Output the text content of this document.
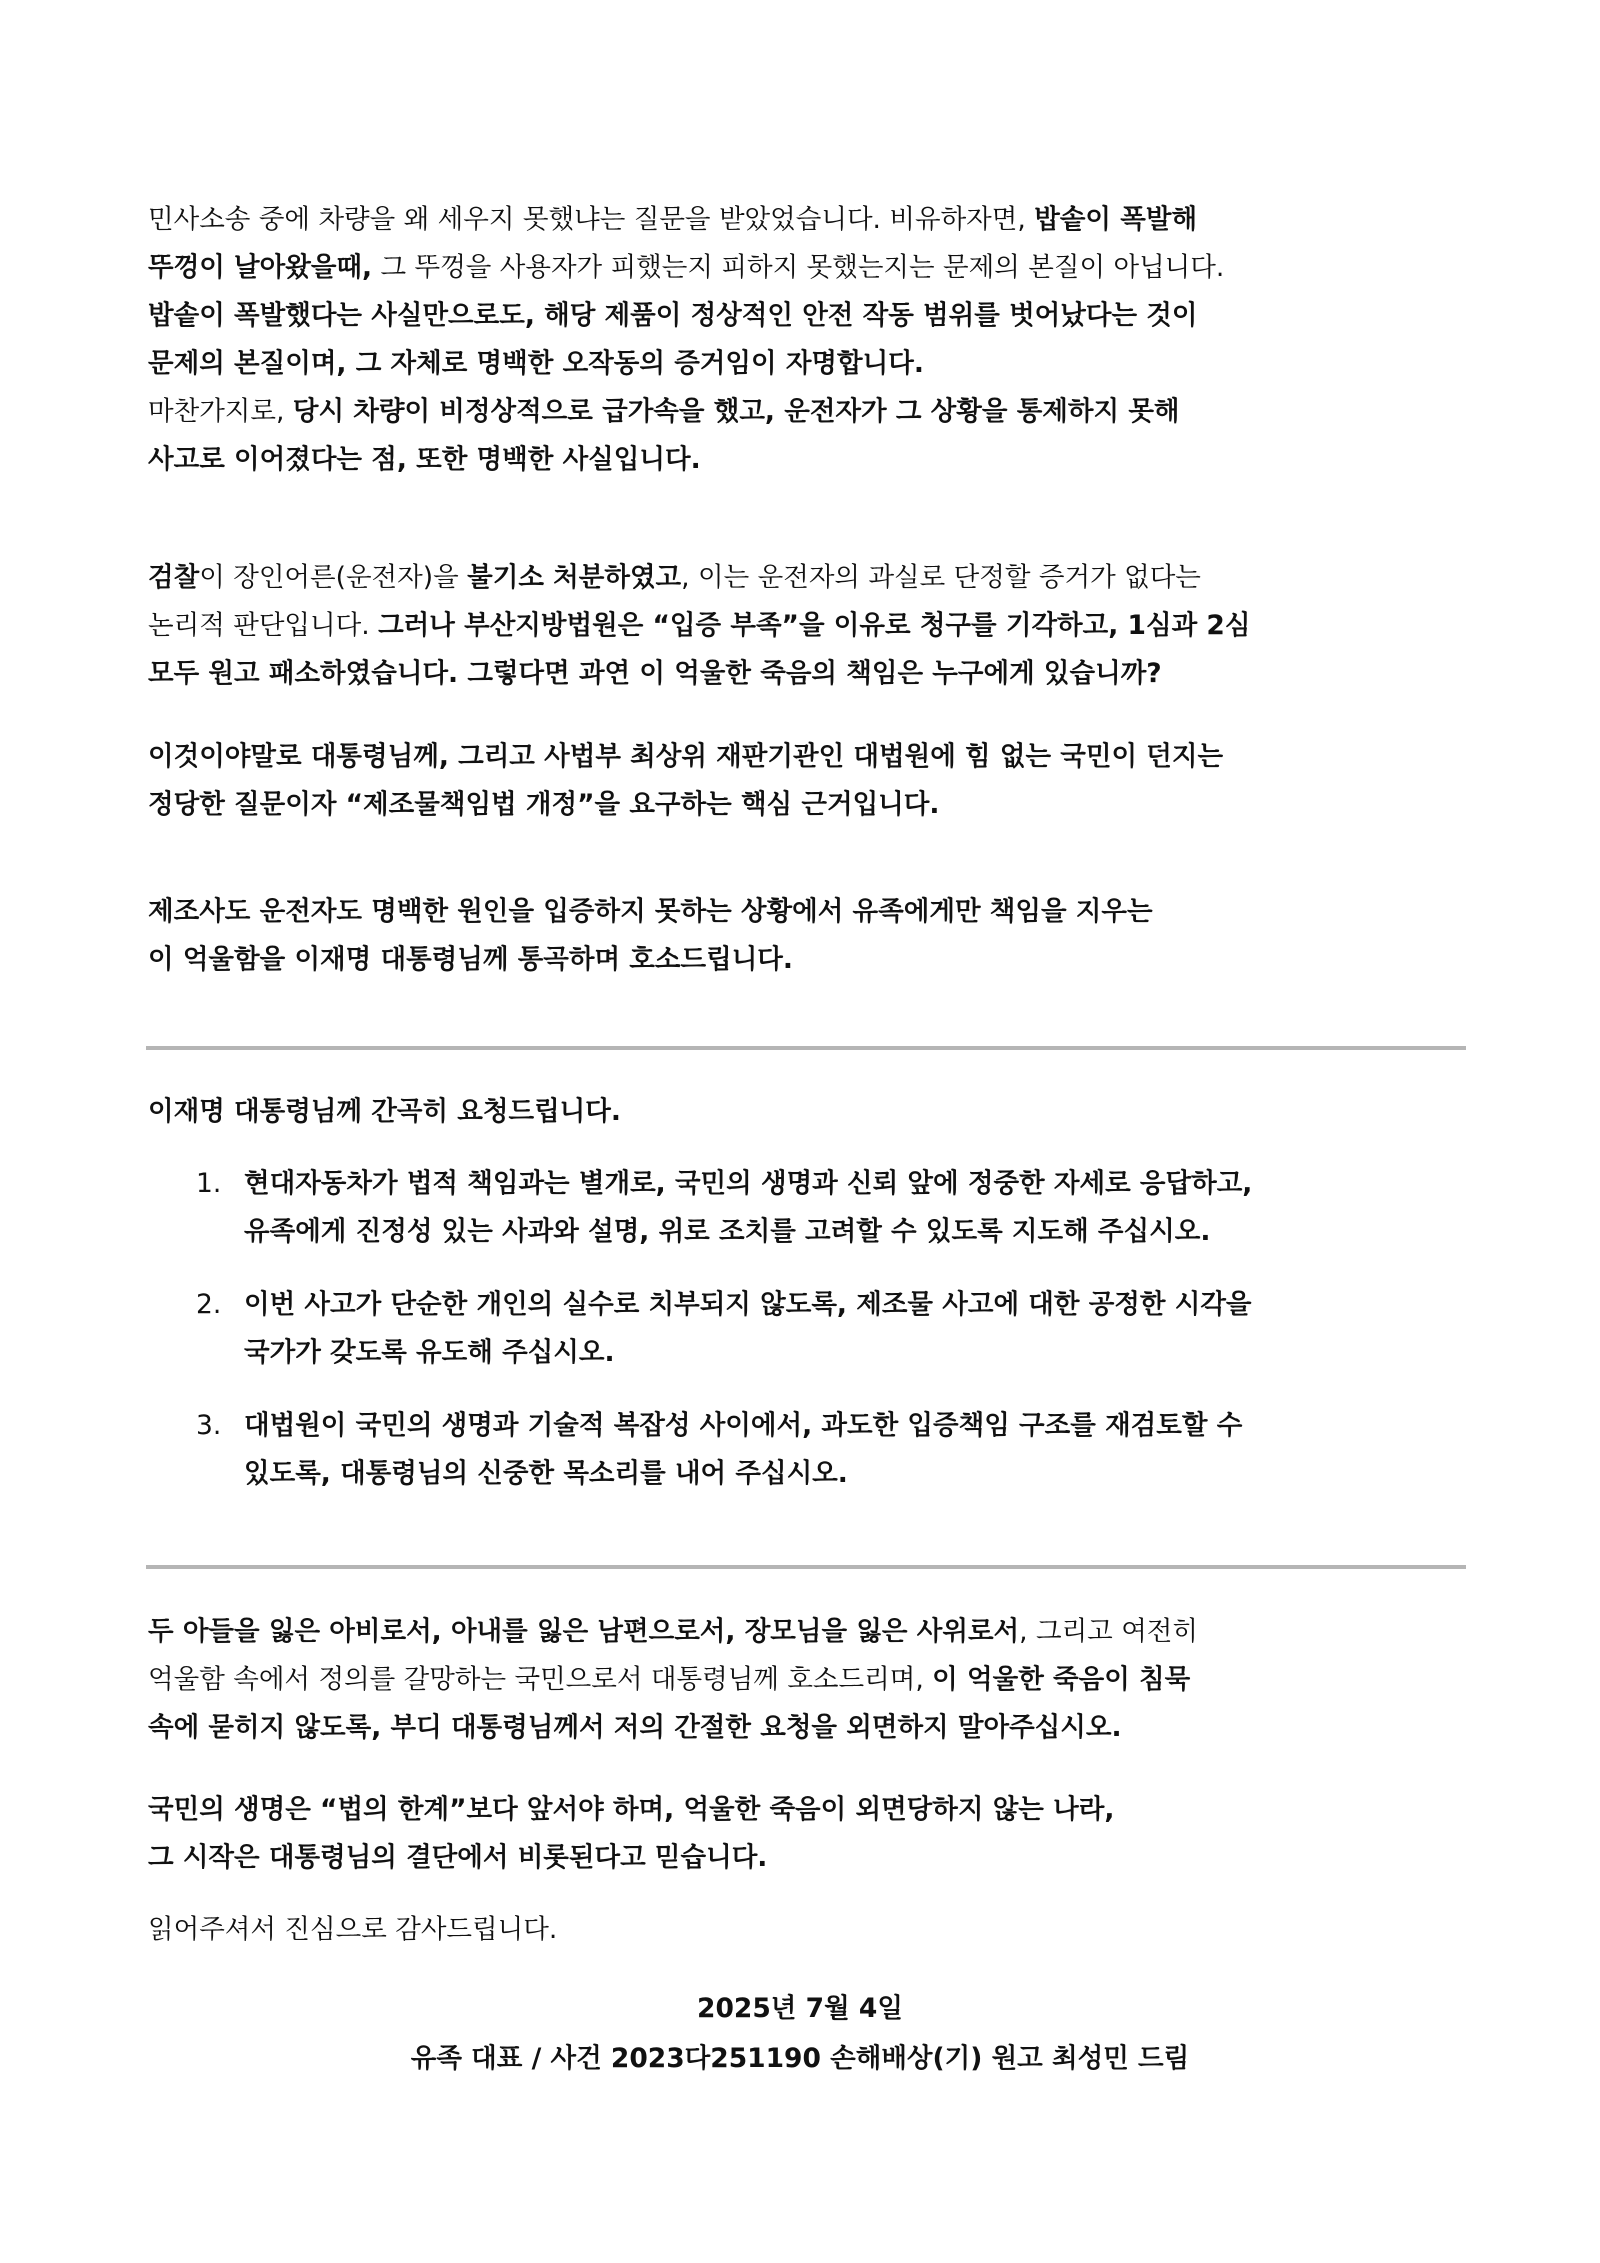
민사소송 중에 차량을 왜 세우지 못했냐는 질문을 받았었습니다. 비유하자면, 밥솥이 폭발해

뚜껑이 날아왔을때, 그 뚜껑을 사용자가 피했는지 피하지 못했는지는 문제의 본질이 아닙니다.

밥솥이 폭발했다는 사실만으로도, 해당 제품이 정상적인 안전 작동 범위를 벗어났다는 것이

문제의 본질이며, 그 자체로 명백한 오작동의 증거임이 자명합니다.

마찬가지로, 당시 차량이 비정상적으로 급가속을 했고, 운전자가 그 상황을 통제하지 못해

사고로 이어졌다는 점, 또한 명백한 사실입니다.

검찰이 장인어른(운전자)을 불기소 처분하였고, 이는 운전자의 과실로 단정할 증거가 없다는

논리적 판단입니다. 그러나 부산지방법원은 “입증 부족”을 이유로 청구를 기각하고, 1심과 2심

모두 원고 패소하였습니다. 그렇다면 과연 이 억울한 죽음의 책임은 누구에게 있습니까?

이것이야말로 대통령님께, 그리고 사법부 최상위 재판기관인 대법원에 힘 없는 국민이 던지는

정당한 질문이자 “제조물책임법 개정”을 요구하는 핵심 근거입니다.

제조사도 운전자도 명백한 원인을 입증하지 못하는 상황에서 유족에게만 책임을 지우는

이 억울함을 이재명 대통령님께 통곡하며 호소드립니다.

이재명 대통령님께 간곡히 요청드립니다.

1. 현대자동차가 법적 책임과는 별개로, 국민의 생명과 신뢰 앞에 정중한 자세로 응답하고,
유족에게 진정성 있는 사과와 설명, 위로 조치를 고려할 수 있도록 지도해 주십시오.
2. 이번 사고가 단순한 개인의 실수로 치부되지 않도록, 제조물 사고에 대한 공정한 시각을
국가가 갖도록 유도해 주십시오.
3. 대법원이 국민의 생명과 기술적 복잡성 사이에서, 과도한 입증책임 구조를 재검토할 수
있도록, 대통령님의 신중한 목소리를 내어 주십시오.

두 아들을 잃은 아비로서, 아내를 잃은 남편으로서, 장모님을 잃은 사위로서, 그리고 여전히

억울함 속에서 정의를 갈망하는 국민으로서 대통령님께 호소드리며, 이 억울한 죽음이 침묵

속에 묻히지 않도록, 부디 대통령님께서 저의 간절한 요청을 외면하지 말아주십시오.

국민의 생명은 “법의 한계”보다 앞서야 하며, 억울한 죽음이 외면당하지 않는 나라,

그 시작은 대통령님의 결단에서 비롯된다고 믿습니다.

읽어주셔서 진심으로 감사드립니다.

2025년 7월 4일
유족 대표 / 사건 2023다251190 손해배상(기) 원고 최성민 드림
